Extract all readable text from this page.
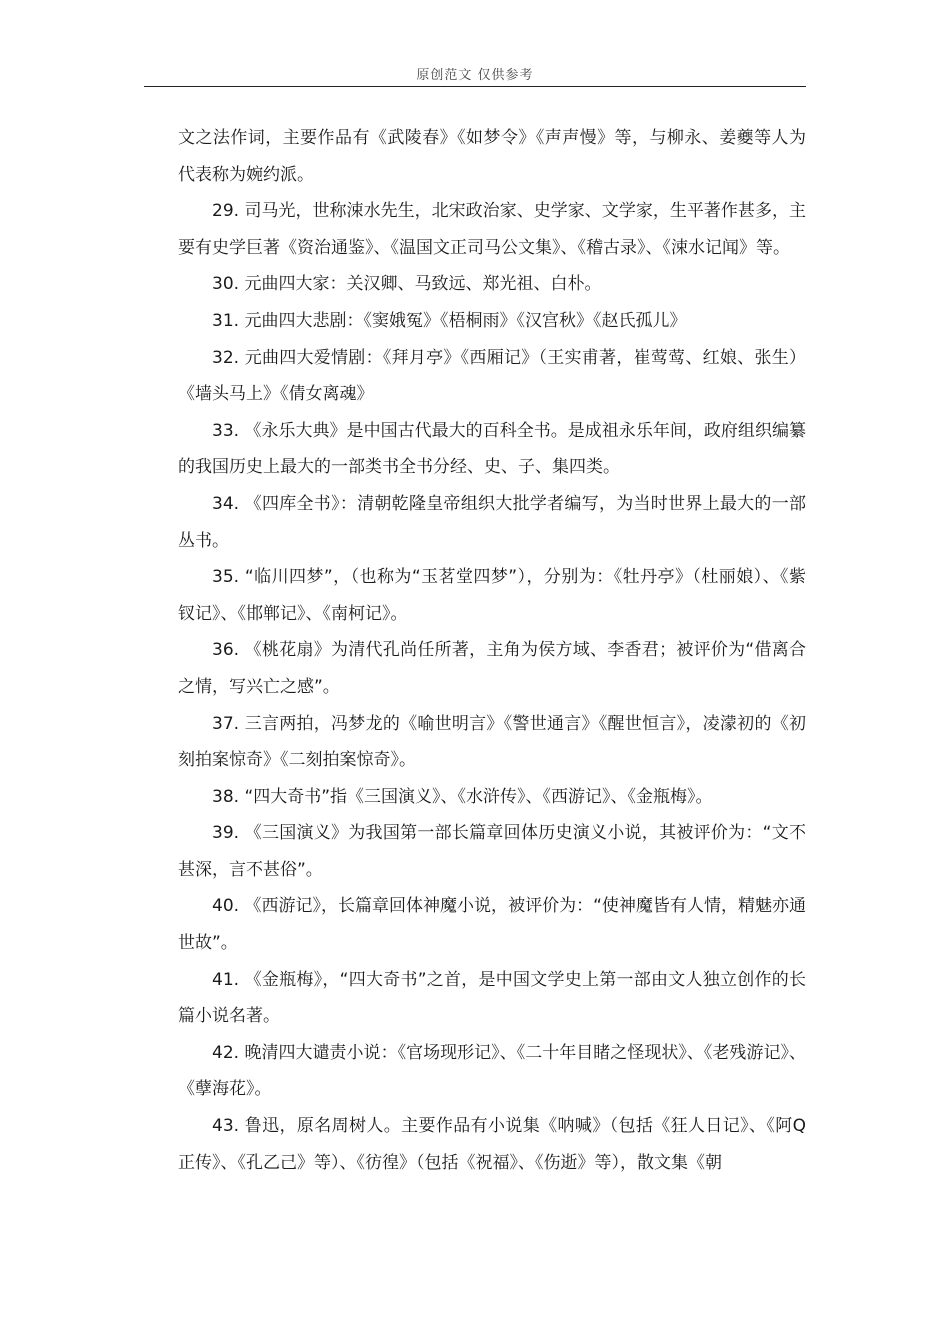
原创范文 仅供参考

文之法作词，主要作品有《武陵春》《如梦令》《声声慢》等，与柳永、姜夔等人为代表称为婉约派。

29. 司马光，世称涑水先生，北宋政治家、史学家、文学家，生平著作甚多，主要有史学巨著《资治通鉴》、《温国文正司马公文集》、《稽古录》、《涑水记闻》等。

30. 元曲四大家：关汉卿、马致远、郑光祖、白朴。

31. 元曲四大悲剧：《窦娥冤》《梧桐雨》《汉宫秋》《赵氏孤儿》

32. 元曲四大爱情剧：《拜月亭》《西厢记》（王实甫著，崔莺莺、红娘、张生）《墙头马上》《倩女离魂》

33. 《永乐大典》是中国古代最大的百科全书。是成祖永乐年间，政府组织编纂的我国历史上最大的一部类书全书分经、史、子、集四类。

34. 《四库全书》：清朝乾隆皇帝组织大批学者编写，为当时世界上最大的一部丛书。

35. “临川四梦”，（也称为“玉茗堂四梦”），分别为：《牡丹亭》（杜丽娘）、《紫钗记》、《邯郸记》、《南柯记》。

36. 《桃花扇》为清代孔尚任所著，主角为侯方域、李香君；被评价为“借离合之情，写兴亡之感”。

37. 三言两拍，冯梦龙的《喻世明言》《警世通言》《醒世恒言》，凌濛初的《初刻拍案惊奇》《二刻拍案惊奇》。

38. “四大奇书”指《三国演义》、《水浒传》、《西游记》、《金瓶梅》。

39. 《三国演义》为我国第一部长篇章回体历史演义小说，其被评价为：“文不甚深，言不甚俗”。

40. 《西游记》，长篇章回体神魔小说，被评价为：“使神魔皆有人情，精魅亦通世故”。

41. 《金瓶梅》，“四大奇书”之首，是中国文学史上第一部由文人独立创作的长篇小说名著。

42. 晚清四大谴责小说：《官场现形记》、《二十年目睹之怪现状》、《老残游记》、《孽海花》。

43. 鲁迅，原名周树人。主要作品有小说集《呐喊》（包括《狂人日记》、《阿Q正传》、《孔乙己》等）、《彷徨》（包括《祝福》、《伤逝》等），散文集《朝
